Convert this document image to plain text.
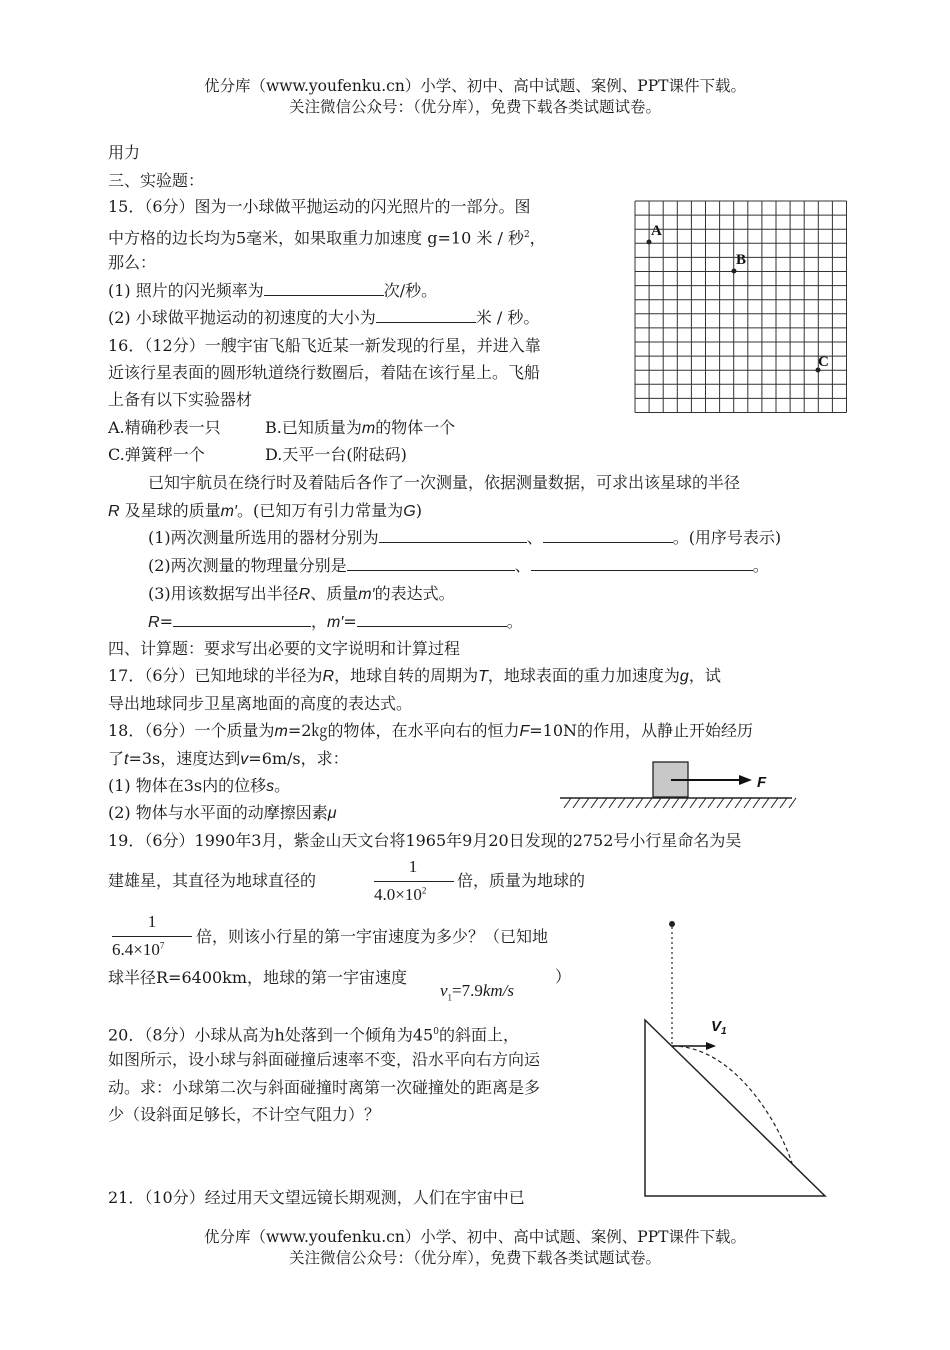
优分库（www.youfenku.cn）小学、初中、高中试题、案例、PPT课件下载。
关注微信公众号：（优分库），免费下载各类试题试卷。
用力
三、实验题：
15．（6分）图为一小球做平抛运动的闪光照片的一部分。图
中方格的边长均为5毫米，如果取重力加速度 g=10 米 / 秒$^2$，
那么：
(1) 照片的闪光频率为	次/秒。
(2) 小球做平抛运动的初速度的大小为	米 / 秒。
16．（12分）一艘宇宙飞船飞近某一新发现的行星，并进入靠
近该行星表面的圆形轨道绕行数圈后，着陆在该行星上。飞船
上备有以下实验器材
A.精确秒表一只	B.已知质量为m的物体一个
C.弹簧秤一个	D.天平一台(附砝码)
已知宇航员在绕行时及着陆后各作了一次测量，依据测量数据，可求出该星球的半径
R 及星球的质量m′。(已知万有引力常量为G)
(1)两次测量所选用的器材分别为	、	。(用序号表示)
(2)两次测量的物理量分别是	、	。
(3)用该数据写出半径R、质量m′的表达式。
R=	，m′=	。
四、计算题：要求写出必要的文字说明和计算过程
17．（6分）已知地球的半径为R，地球自转的周期为T，地球表面的重力加速度为g，试
导出地球同步卫星离地面的高度的表达式。
18．（6分）一个质量为m=2㎏的物体，在水平向右的恒力F=10N的作用，从静止开始经历
了t=3s，速度达到v=6m/s，求：
(1) 物体在3s内的位移s。
(2) 物体与水平面的动摩擦因素μ
19．（6分）1990年3月，紫金山天文台将1965年9月20日发现的2752号小行星命名为吴
建雄星，其直径为地球直径的
1
$4.0\times 10^2$
倍，质量为地球的
1
$6.4\times 10^7$ 倍，则该小行星的第一宇宙速度为多少？（已知地
球半径R=6400km，地球的第一宇宙速度
$v_1=7.9km/s$
）
20．（8分）小球从高为h处落到一个倾角为$45^0$的斜面上，
如图所示，设小球与斜面碰撞后速率不变，沿水平向右方向运
动。求：小球第二次与斜面碰撞时离第一次碰撞处的距离是多
少（设斜面足够长，不计空气阻力）？
21．（10分）经过用天文望远镜长期观测，人们在宇宙中已
A
B
C
F
$V_1$
优分库（www.youfenku.cn）小学、初中、高中试题、案例、PPT课件下载。
关注微信公众号：（优分库），免费下载各类试题试卷。
